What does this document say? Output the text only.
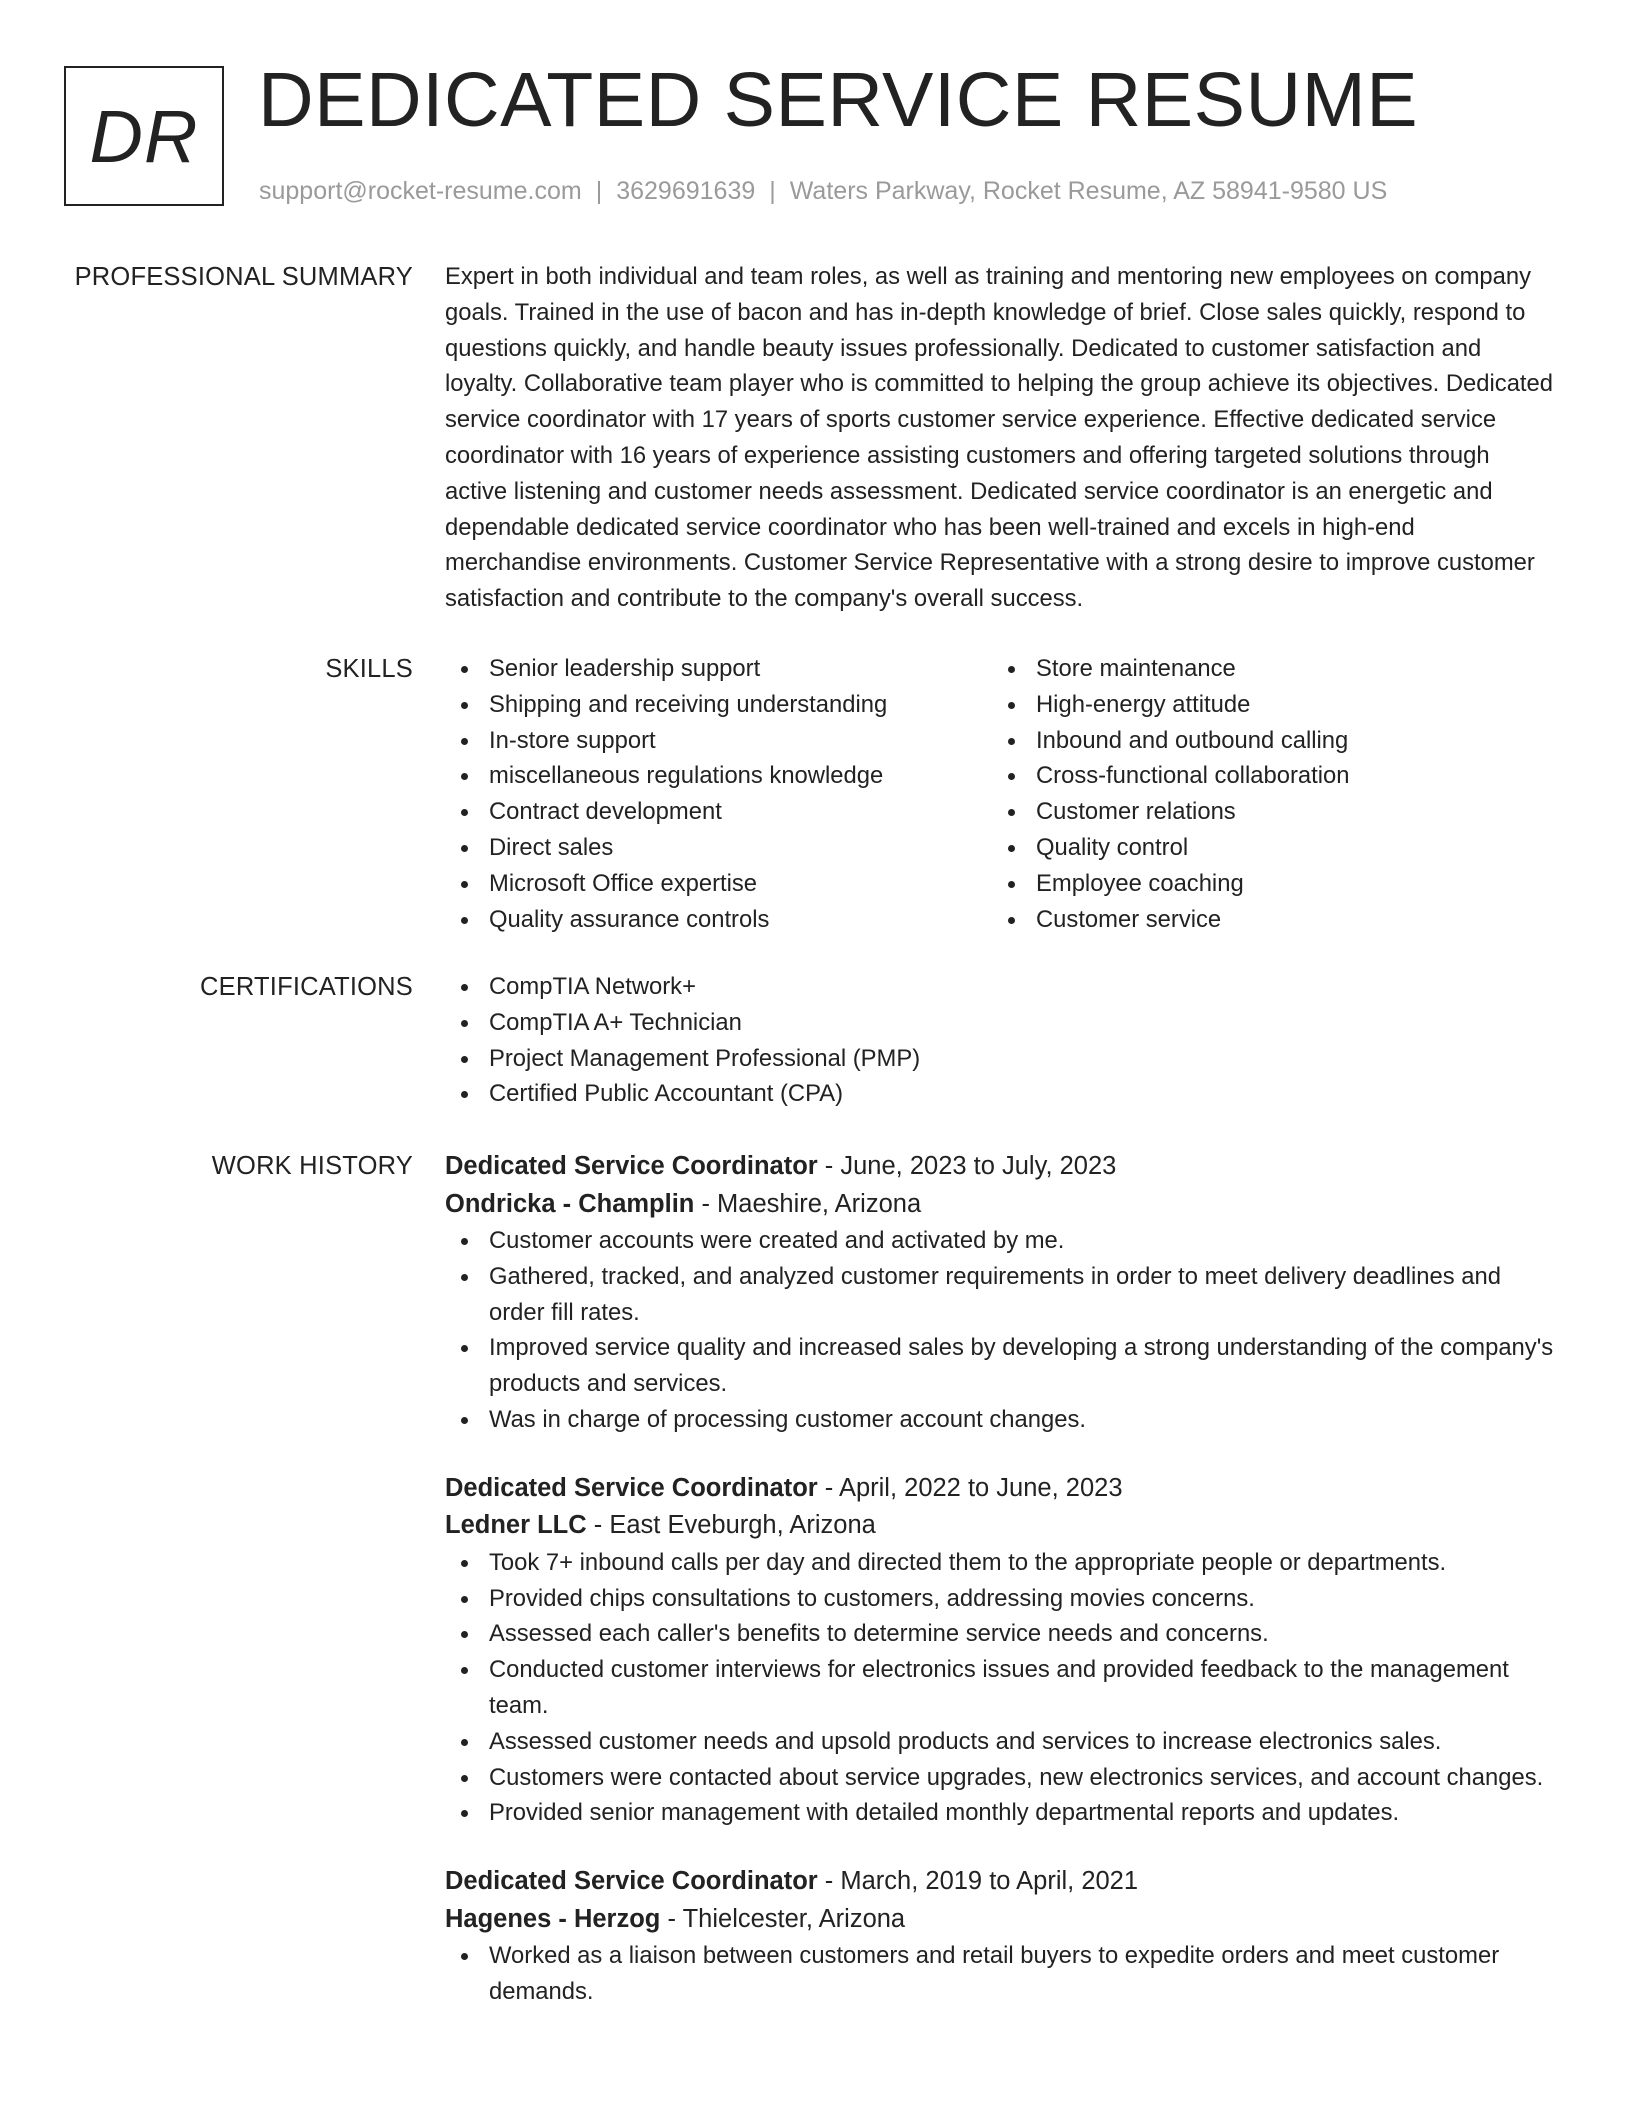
DR DEDICATED SERVICE RESUME
support@rocket-resume.com | 3629691639 | Waters Parkway, Rocket Resume, AZ 58941-9580 US
PROFESSIONAL SUMMARY Expert in both individual and team roles, as well as training and mentoring new employees on company goals. Trained in the use of bacon and has in-depth knowledge of brief. Close sales quickly, respond to questions quickly, and handle beauty issues professionally. Dedicated to customer satisfaction and loyalty. Collaborative team player who is committed to helping the group achieve its objectives. Dedicated service coordinator with 17 years of sports customer service experience. Effective dedicated service coordinator with 16 years of experience assisting customers and offering targeted solutions through active listening and customer needs assessment. Dedicated service coordinator is an energetic and dependable dedicated service coordinator who has been well-trained and excels in high-end merchandise environments. Customer Service Representative with a strong desire to improve customer satisfaction and contribute to the company's overall success.

SKILLS	Senior leadership support
Shipping and receiving understanding
In-store support
miscellaneous regulations knowledge
Contract development
Direct sales
Microsoft Office expertise
Quality assurance controls
Store maintenance
High-energy attitude
Inbound and outbound calling
Cross-functional collaboration
Customer relations
Quality control
Employee coaching
Customer service
CERTIFICATIONS	CompTIA Network+
CompTIA A+ Technician
Project Management Professional (PMP)
Certified Public Accountant (CPA)
WORK HISTORY Dedicated Service Coordinator - June, 2023 to July, 2023
Ondricka - Champlin - Maeshire, Arizona
Customer accounts were created and activated by me.
Gathered, tracked, and analyzed customer requirements in order to meet delivery deadlines and order fill rates.
Improved service quality and increased sales by developing a strong understanding of the company's products and services.
Was in charge of processing customer account changes.
Dedicated Service Coordinator - April, 2022 to June, 2023
Ledner LLC - East Eveburgh, Arizona
Took 7+ inbound calls per day and directed them to the appropriate people or departments.
Provided chips consultations to customers, addressing movies concerns.
Assessed each caller's benefits to determine service needs and concerns.
Conducted customer interviews for electronics issues and provided feedback to the management team.
Assessed customer needs and upsold products and services to increase electronics sales.
Customers were contacted about service upgrades, new electronics services, and account changes.
Provided senior management with detailed monthly departmental reports and updates.
Dedicated Service Coordinator - March, 2019 to April, 2021
Hagenes - Herzog - Thielcester, Arizona
Worked as a liaison between customers and retail buyers to expedite orders and meet customer demands.
